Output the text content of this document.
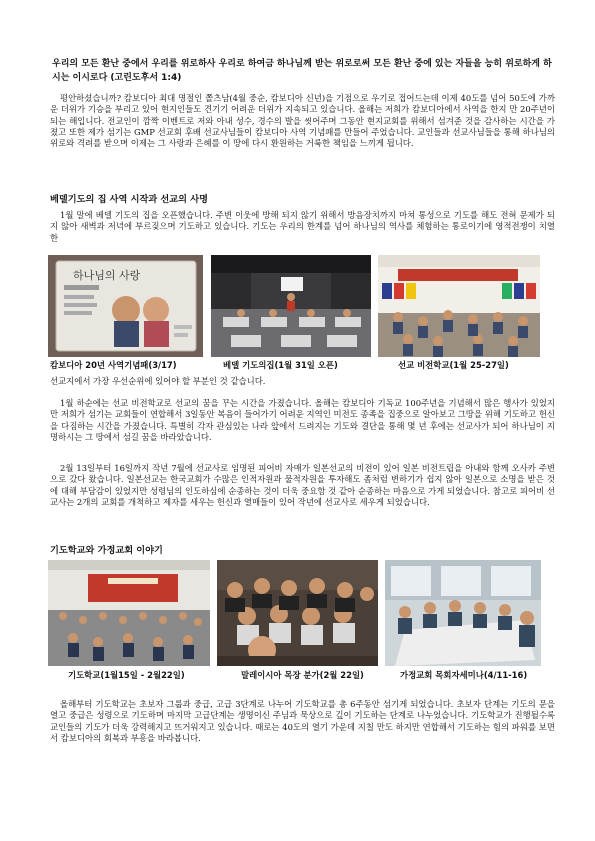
우리의 모든 환난 중에서 우리를 위로하사 우리로 하여금 하나님께 받는 위로로써 모든 환난 중에 있는 자들을 능히 위로하게 하시는 이시로다 (고린도후서 1:4)
평안하셨습니까? 캄보디아 최대 명절인 쫄츠남(4월 중순, 캄보디아 신년)을 기점으로 우기로 접어드는데 이제 40도를 넘어 50도에 가까운 더위가 기승을 부리고 있어 현지인들도 견기기 어려운 더위가 지속되고 있습니다. 올해는 저희가 캄보디아에서 사역을 한지 만 20주년이 되는 해입니다. 전교인이 깜짝 이벤트로 저와 아내 성수, 경수의 발을 씻어주며 그동안 현지교회를 위해서 섬겨준 것을 감사하는 시간을 가졌고 또한 제가 섬기는 GMP 선교회 후배 선교사님들이 캄보디아 사역 기념패를 만들어 주었습니다. 교인들과 선교사님들을 통해 하나님의 위로와 격려를 받으며 이제는 그 사랑과 은혜를 이 땅에 다시 환원하는 거룩한 책임을 느끼게 됩니다.
베델기도의 집 사역 시작과 선교의 사명
1월 말에 베델 기도의 집을 오픈했습니다. 주변 이웃에 방해 되지 않기 위해서 방음장치까지 마쳐 통성으로 기도를 해도 전혀 문제가 되지 않아 새벽과 저녁에 부르짖으며 기도하고 있습니다. 기도는 우리의 한계를 넘어 하나님의 역사를 체험하는 통로이기에 영적전쟁이 치열한
하나님의 사랑
캄보디아 20년 사역기념패(3/17)	베델 기도의집(1월 31일 오픈)	선교 비전학교(1월 25-27일)
선교지에서 가장 우선순위에 있어야 할 부분인 것 같습니다.
1월 하순에는 선교 비전학교로 선교의 꿈을 꾸는 시간을 가졌습니다. 올해는 캄보디아 기독교 100주년을 기념해서 많은 행사가 있었지만 저희가 섬기는 교회들이 연합해서 3일동안 복음이 들어가기 어려운 지역인 미전도 종족을 집중으로 알아보고 그땅을 위해 기도하고 헌신을 다짐하는 시간을 가졌습니다. 특별히 각자 관심있는 나라 앞에서 드려지는 기도와 결단을 통해 몇 년 후에는 선교사가 되어 하나님이 지명하시는 그 땅에서 섬길 꿈을 바라았습니다.
2월 13일부터 16일까지 작년 7월에 선교사로 임명된 피어비 자매가 일본선교의 비전이 있어 일본 비전트립을 아내와 함께 오사카 주변으로 갔다 왔습니다. 일본선교는 한국교회가 수많은 인적자원과 물적자원을 투자해도 좀처럼 변하기가 쉽지 않아 일본으로 소명을 받은 것에 대해 부담감이 있었지만 성령님의 인도하심에 순종하는 것이 더욱 중요함 것 같아 순종하는 마음으로 가게 되었습니다. 참고로 피어비 선교사는 2개의 교회를 개척하고 제자를 세우는 헌신과 열매들이 있어 작년에 선교사로 세우게 되었습니다.
기도학교와 가정교회 이야기
기도학교(1월15일 - 2월22일)	말레이시아 목장 분가(2월 22일)	가정교회 목회자세미나(4/11-16)
올해부터 기도학교는 초보자 그룹과 중급, 고급 3단계로 나누어 기도학교를 총 6주동안 섬기게 되었습니다. 초보자 단계는 기도의 문을 열고 중급은 성령으로 기도하며 마지막 고급단계는 생명이신 주님과 묵상으로 깊이 기도하는 단계로 나누었습니다. 기도학교가 진행될수록 교인들의 기도가 더욱 강력해지고 뜨거워지고 있습니다. 때로는 40도의 열기 가운데 지칠 만도 하지만 연합해서 기도하는 힘의 파워를 보면서 캄보디아의 회복과 부흥을 바라봅니다.
